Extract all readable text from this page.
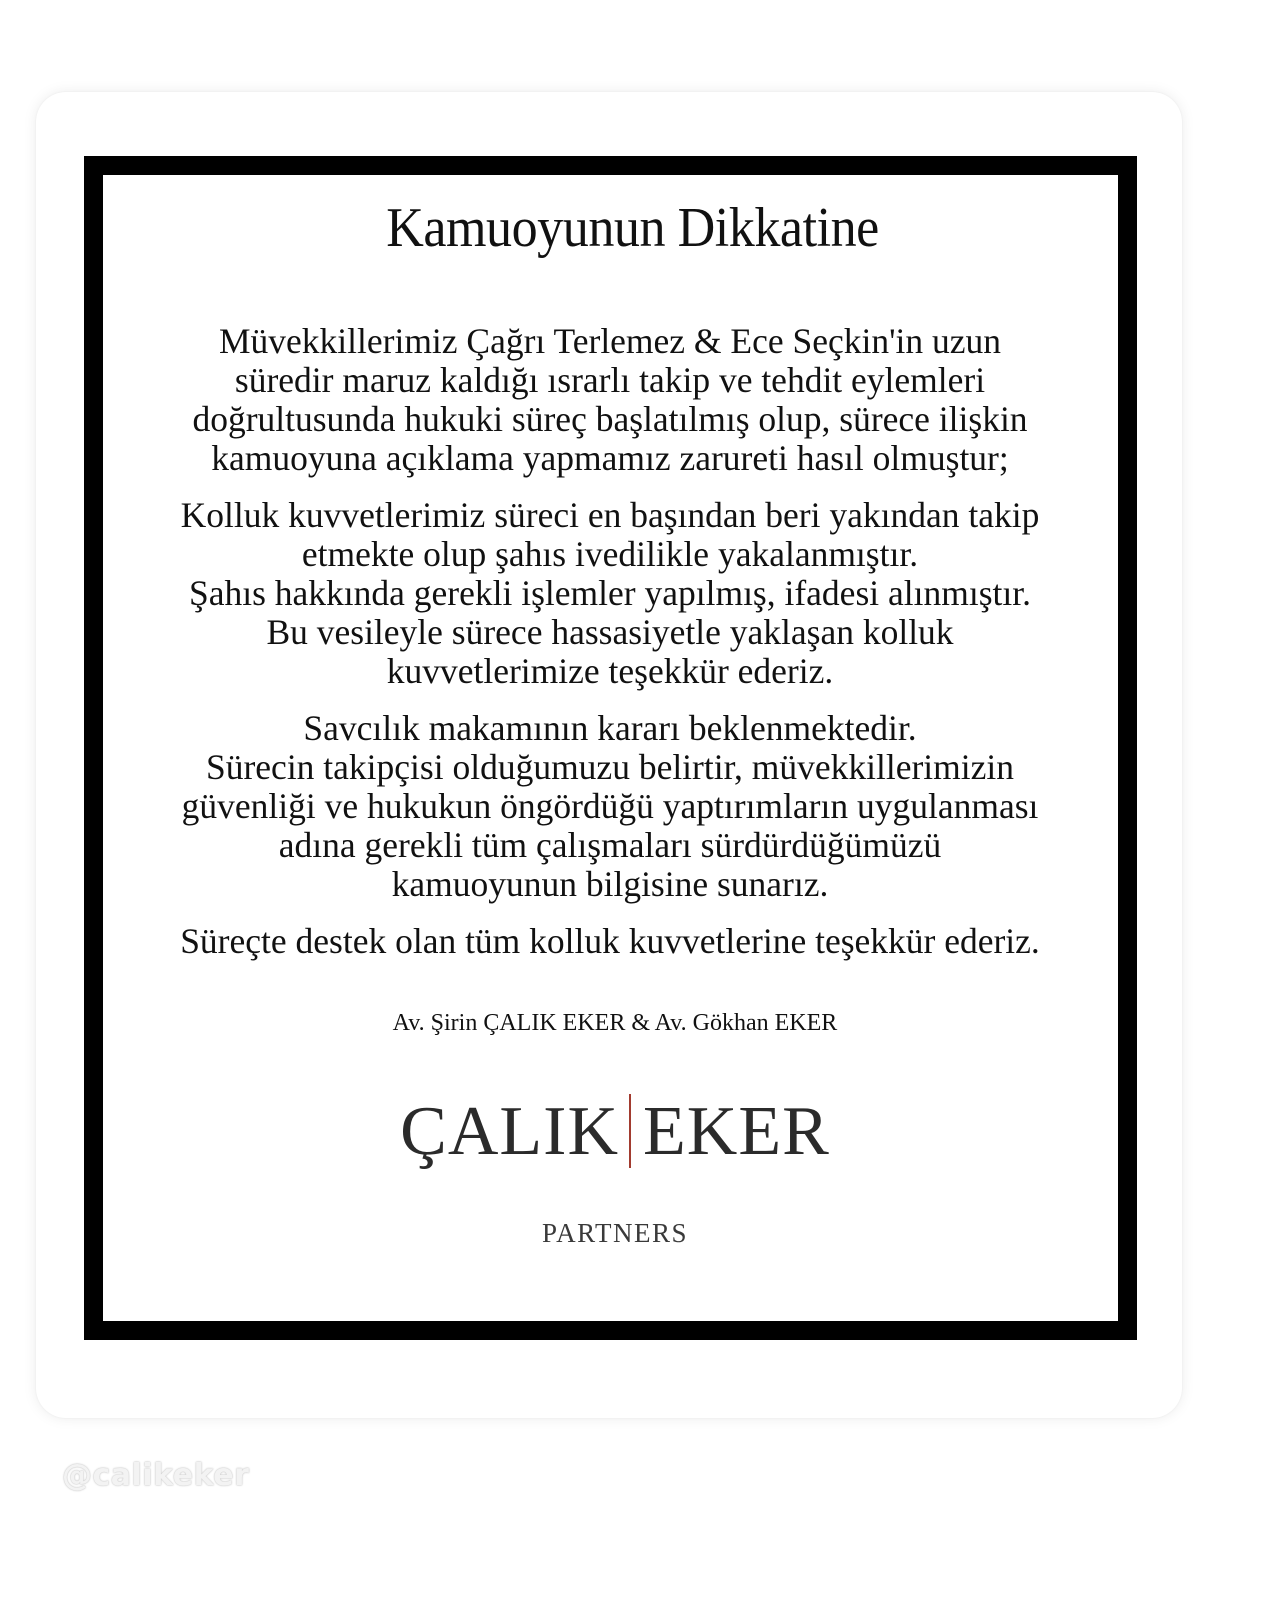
Kamuoyunun Dikkatine
Müvekkillerimiz Çağrı Terlemez & Ece Seçkin'in uzun
süredir maruz kaldığı ısrarlı takip ve tehdit eylemleri
doğrultusunda hukuki süreç başlatılmış olup, sürece ilişkin
kamuoyuna açıklama yapmamız zarureti hasıl olmuştur;
Kolluk kuvvetlerimiz süreci en başından beri yakından takip
etmekte olup şahıs ivedilikle yakalanmıştır.
Şahıs hakkında gerekli işlemler yapılmış, ifadesi alınmıştır.
Bu vesileyle sürece hassasiyetle yaklaşan kolluk
kuvvetlerimize teşekkür ederiz.
Savcılık makamının kararı beklenmektedir.
Sürecin takipçisi olduğumuzu belirtir, müvekkillerimizin
güvenliği ve hukukun öngördüğü yaptırımların uygulanması
adına gerekli tüm çalışmaları sürdürdüğümüzü
kamuoyunun bilgisine sunarız.
Süreçte destek olan tüm kolluk kuvvetlerine teşekkür ederiz.
Av. Şirin ÇALIK EKER & Av. Gökhan EKER
ÇALIK EKER
PARTNERS
@calikeker
